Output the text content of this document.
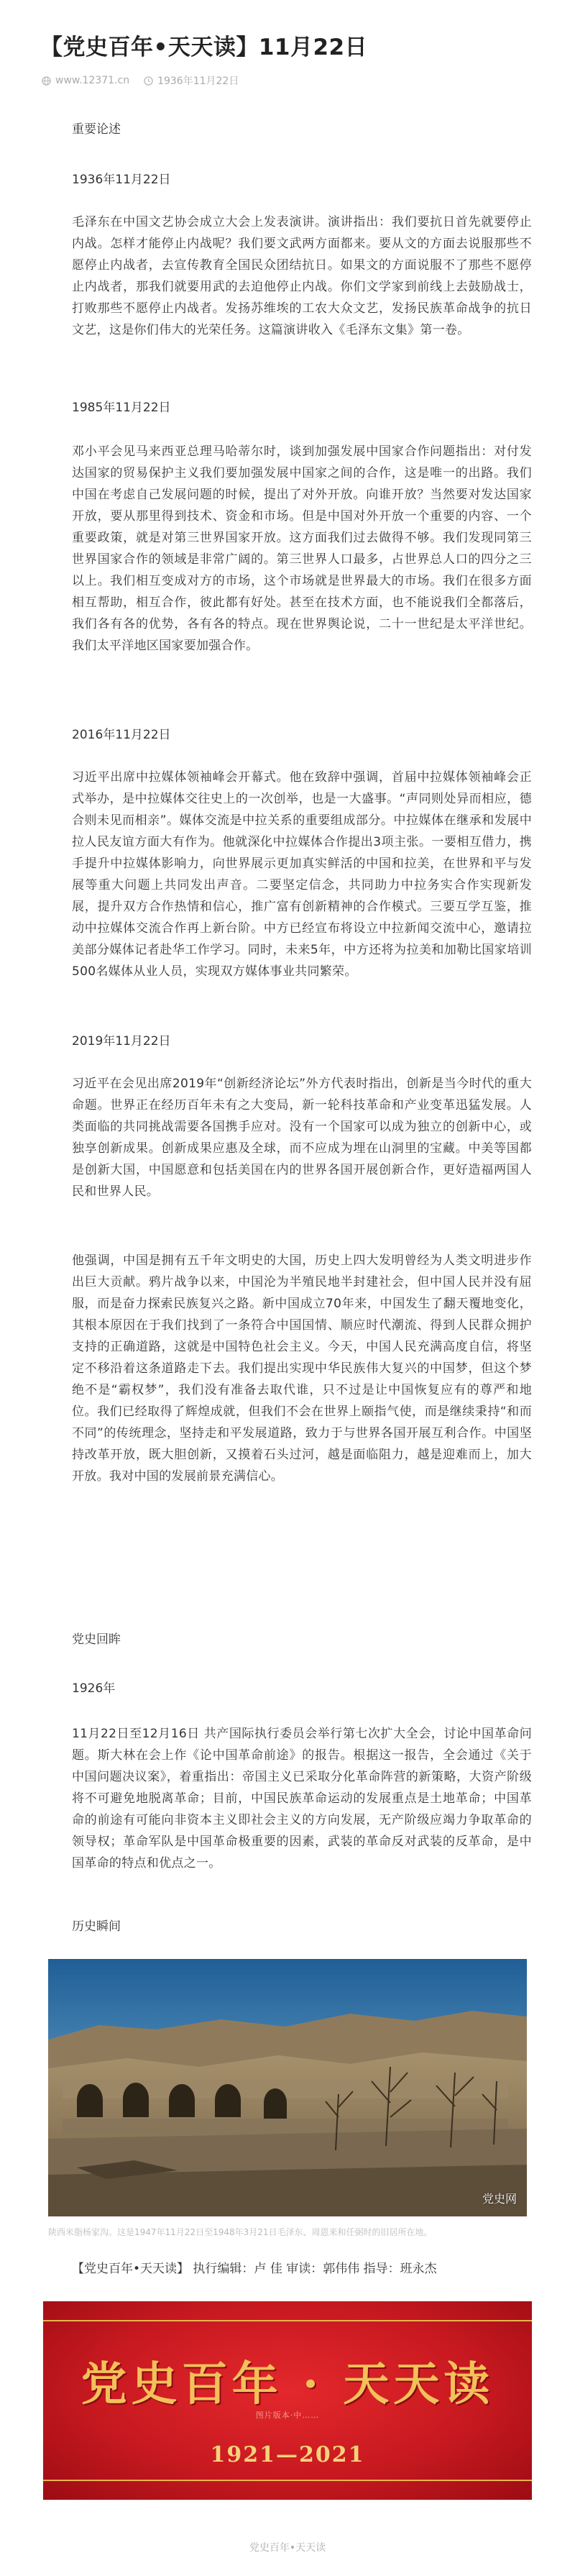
【党史百年•天天读】11月22日
www.12371.cn	1936年11月22日
重要论述
1936年11月22日

毛泽东在中国文艺协会成立大会上发表演讲。演讲指出：我们要抗日首先就要停止内战。怎样才能停止内战呢？我们要文武两方面都来。要从文的方面去说服那些不愿停止内战者，去宣传教育全国民众团结抗日。如果文的方面说服不了那些不愿停止内战者，那我们就要用武的去迫他停止内战。你们文学家到前线上去鼓励战士，打败那些不愿停止内战者。发扬苏维埃的工农大众文艺，发扬民族革命战争的抗日文艺，这是你们伟大的光荣任务。这篇演讲收入《毛泽东文集》第一卷。

1985年11月22日

邓小平会见马来西亚总理马哈蒂尔时，谈到加强发展中国家合作问题指出：对付发达国家的贸易保护主义我们要加强发展中国家之间的合作，这是唯一的出路。我们中国在考虑自己发展问题的时候，提出了对外开放。向谁开放？当然要对发达国家开放，要从那里得到技术、资金和市场。但是中国对外开放一个重要的内容、一个重要政策，就是对第三世界国家开放。这方面我们过去做得不够。我们发现同第三世界国家合作的领域是非常广阔的。第三世界人口最多，占世界总人口的四分之三以上。我们相互变成对方的市场，这个市场就是世界最大的市场。我们在很多方面相互帮助，相互合作，彼此都有好处。甚至在技术方面，也不能说我们全都落后，我们各有各的优势，各有各的特点。现在世界舆论说，二十一世纪是太平洋世纪。我们太平洋地区国家要加强合作。

2016年11月22日

习近平出席中拉媒体领袖峰会开幕式。他在致辞中强调，首届中拉媒体领袖峰会正式举办，是中拉媒体交往史上的一次创举，也是一大盛事。“声同则处异而相应，德合则未见而相亲”。媒体交流是中拉关系的重要组成部分。中拉媒体在继承和发展中拉人民友谊方面大有作为。他就深化中拉媒体合作提出3项主张。一要相互借力，携手提升中拉媒体影响力，向世界展示更加真实鲜活的中国和拉美，在世界和平与发展等重大问题上共同发出声音。二要坚定信念，共同助力中拉务实合作实现新发展，提升双方合作热情和信心，推广富有创新精神的合作模式。三要互学互鉴，推动中拉媒体交流合作再上新台阶。中方已经宣布将设立中拉新闻交流中心，邀请拉美部分媒体记者赴华工作学习。同时，未来5年，中方还将为拉美和加勒比国家培训500名媒体从业人员，实现双方媒体事业共同繁荣。

2019年11月22日

习近平在会见出席2019年“创新经济论坛”外方代表时指出，创新是当今时代的重大命题。世界正在经历百年未有之大变局，新一轮科技革命和产业变革迅猛发展。人类面临的共同挑战需要各国携手应对。没有一个国家可以成为独立的创新中心，或独享创新成果。创新成果应惠及全球，而不应成为埋在山洞里的宝藏。中美等国都是创新大国，中国愿意和包括美国在内的世界各国开展创新合作，更好造福两国人民和世界人民。

他强调，中国是拥有五千年文明史的大国，历史上四大发明曾经为人类文明进步作出巨大贡献。鸦片战争以来，中国沦为半殖民地半封建社会，但中国人民并没有屈服，而是奋力探索民族复兴之路。新中国成立70年来，中国发生了翻天覆地变化，其根本原因在于我们找到了一条符合中国国情、顺应时代潮流、得到人民群众拥护支持的正确道路，这就是中国特色社会主义。今天，中国人民充满高度自信，将坚定不移沿着这条道路走下去。我们提出实现中华民族伟大复兴的中国梦，但这个梦绝不是“霸权梦”，我们没有准备去取代谁，只不过是让中国恢复应有的尊严和地位。我们已经取得了辉煌成就，但我们不会在世界上颐指气使，而是继续秉持“和而不同”的传统理念，坚持走和平发展道路，致力于与世界各国开展互利合作。中国坚持改革开放，既大胆创新，又摸着石头过河，越是面临阻力，越是迎难而上，加大开放。我对中国的发展前景充满信心。

党史回眸
1926年

11月22日至12月16日 共产国际执行委员会举行第七次扩大全会，讨论中国革命问题。斯大林在会上作《论中国革命前途》的报告。根据这一报告，全会通过《关于中国问题决议案》，着重指出：帝国主义已采取分化革命阵营的新策略，大资产阶级将不可避免地脱离革命；目前，中国民族革命运动的发展重点是土地革命；中国革命的前途有可能向非资本主义即社会主义的方向发展，无产阶级应竭力争取革命的领导权；革命军队是中国革命极重要的因素，武装的革命反对武装的反革命，是中国革命的特点和优点之一。

历史瞬间
党史网
陕西米脂杨家沟。这是1947年11月22日至1948年3月21日毛泽东、周恩来和任弼时的旧居所在地。
【党史百年•天天读】 执行编辑：卢 佳 审读：郭伟伟 指导：班永杰
党史百年 · 天天读
图片版本·中……
1921—2021
党史百年•天天读
